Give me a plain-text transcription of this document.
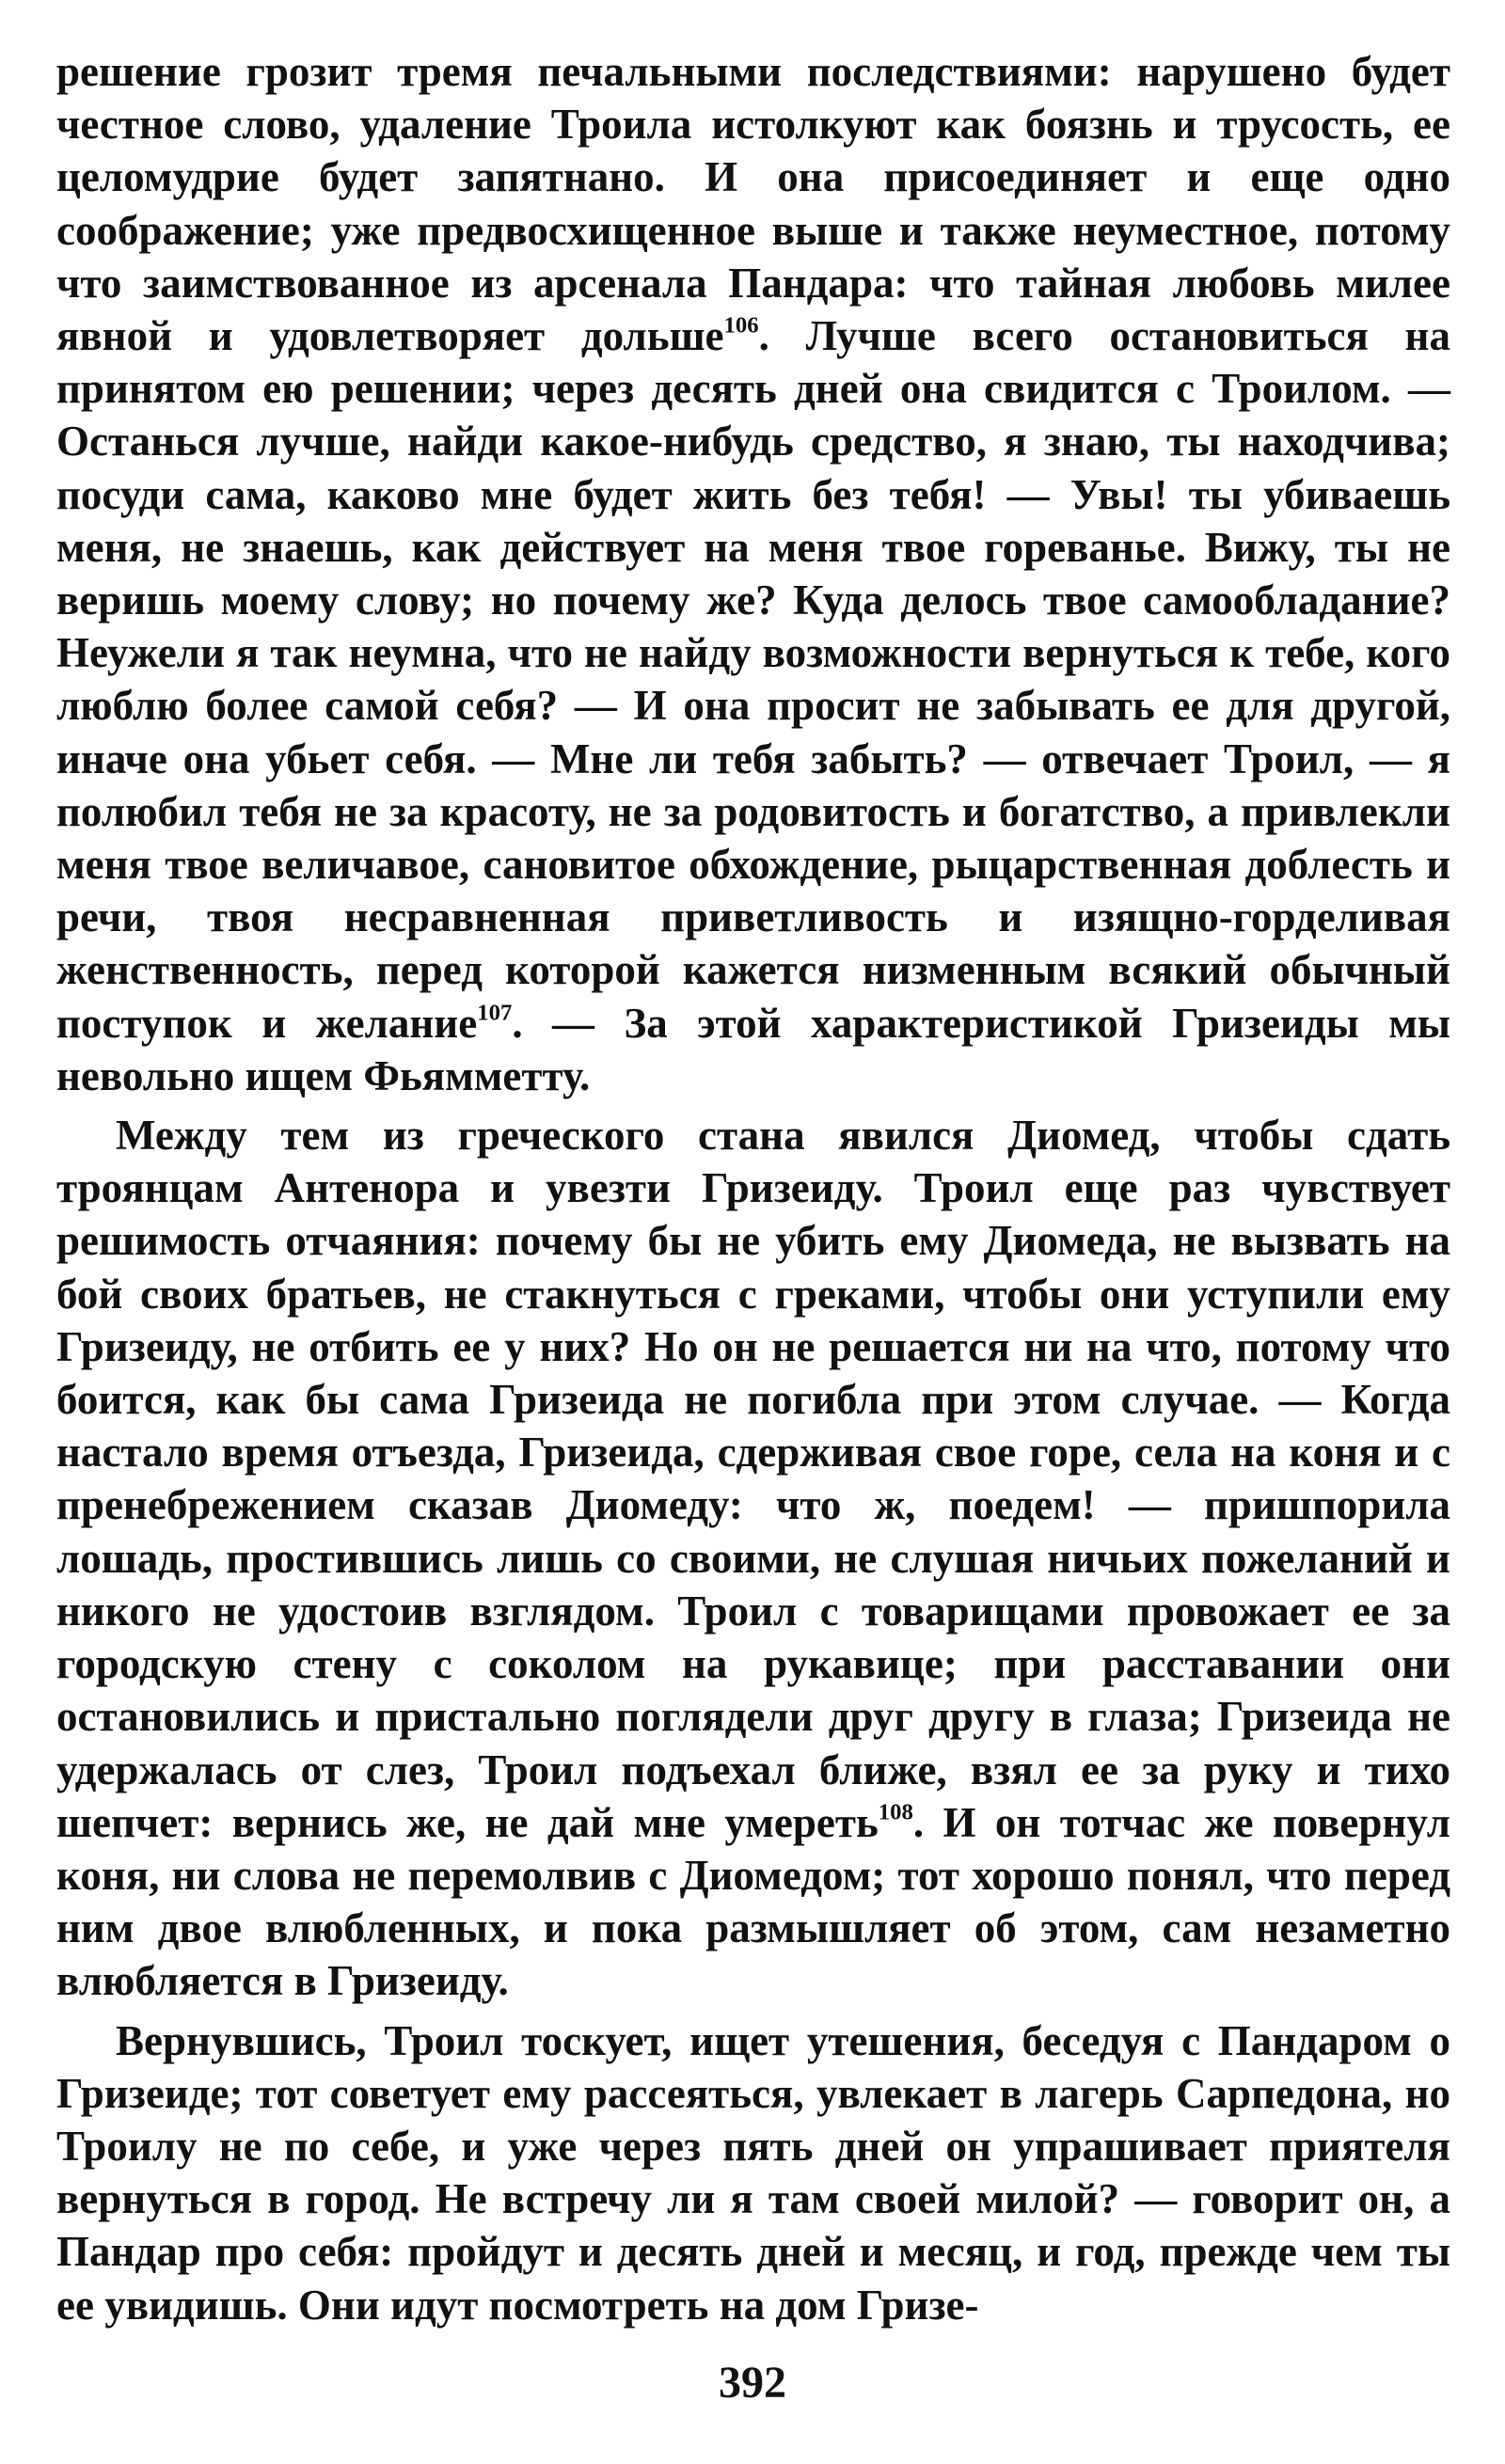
решение грозит тремя печальными последствиями: нарушено будет честное слово, удаление Троила истолкуют как боязнь и трусость, ее целомудрие будет запятнано. И она присоединяет и еще одно соображение; уже предвосхищенное выше и также неуместное, потому что заимствованное из арсенала Пандара: что тайная любовь милее явной и удовлетворяет дольше$^{106}$. Лучше всего остановиться на принятом ею решении; через десять дней она свидится с Троилом. — Останься лучше, найди какое-нибудь средство, я знаю, ты находчива; посуди сама, каково мне будет жить без тебя! — Увы! ты убиваешь меня, не знаешь, как действует на меня твое гореванье. Вижу, ты не веришь моему слову; но почему же? Куда делось твое самообладание? Неужели я так неумна, что не найду возможности вернуться к тебе, кого люблю более самой себя? — И она просит не забывать ее для другой, иначе она убьет себя. — Мне ли тебя забыть? — отвечает Троил, — я полюбил тебя не за красоту, не за родовитость и богатство, а привлекли меня твое величавое, сановитое обхождение, рыцарственная доблесть и речи, твоя несравненная приветливость и изящно-горделивая женственность, перед которой кажется низменным всякий обычный поступок и желание$^{107}$. — За этой характеристикой Гризеиды мы невольно ищем Фьямметту.

Между тем из греческого стана явился Диомед, чтобы сдать троянцам Антенора и увезти Гризеиду. Троил еще раз чувствует решимость отчаяния: почему бы не убить ему Диомеда, не вызвать на бой своих братьев, не стакнуться с греками, чтобы они уступили ему Гризеиду, не отбить ее у них? Но он не решается ни на что, потому что боится, как бы сама Гризеида не погибла при этом случае. — Когда настало время отъезда, Гризеида, сдерживая свое горе, села на коня и с пренебрежением сказав Диомеду: что ж, поедем! — пришпорила лошадь, простившись лишь со своими, не слушая ничьих пожеланий и никого не удостоив взглядом. Троил с товарищами провожает ее за городскую стену с соколом на рукавице; при расставании они остановились и пристально поглядели друг другу в глаза; Гризеида не удержалась от слез, Троил подъехал ближе, взял ее за руку и тихо шепчет: вернись же, не дай мне умереть$^{108}$. И он тотчас же повернул коня, ни слова не перемолвив с Диомедом; тот хорошо понял, что перед ним двое влюбленных, и пока размышляет об этом, сам незаметно влюбляется в Гризеиду.

Вернувшись, Троил тоскует, ищет утешения, беседуя с Пандаром о Гризеиде; тот советует ему рассеяться, увлекает в лагерь Сарпедона, но Троилу не по себе, и уже через пять дней он упрашивает приятеля вернуться в город. Не встречу ли я там своей милой? — говорит он, а Пандар про себя: пройдут и десять дней и месяц, и год, прежде чем ты ее увидишь. Они идут посмотреть на дом Гризе-

392
